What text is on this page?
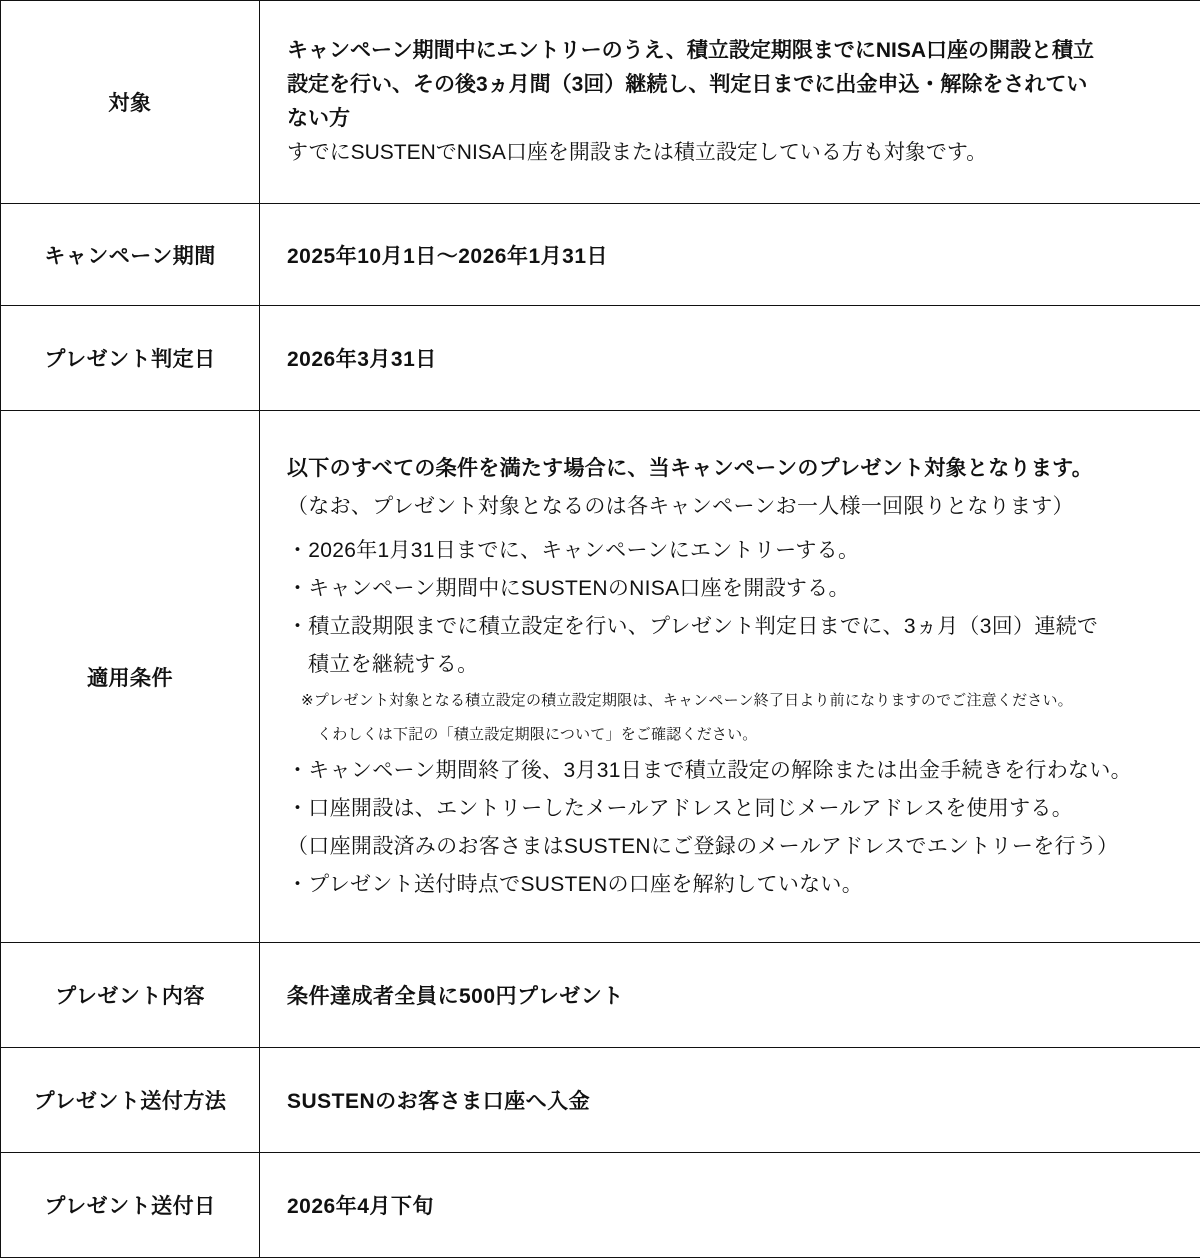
対象	キャンペーン期間中にエントリーのうえ、積立設定期限までにNISA口座の開設と積立
設定を行い、その後3ヵ月間（3回）継続し、判定日までに出金申込・解除をされてい
ない方
すでにSUSTENでNISA口座を開設または積立設定している方も対象です。

キャンペーン期間	2025年10月1日〜2026年1月31日
プレゼント判定日	2026年3月31日
適用条件	
以下のすべての条件を満たす場合に、当キャンペーンのプレゼント対象となります。
（なお、プレゼント対象となるのは各キャンペーンお一人様一回限りとなります）
・2026年1月31日までに、キャンペーンにエントリーする。
・キャンペーン期間中にSUSTENのNISA口座を開設する。
・積立設期限までに積立設定を行い、プレゼント判定日までに、3ヵ月（3回）連続で
積立を継続する。
※プレゼント対象となる積立設定の積立設定期限は、キャンペーン終了日より前になりますのでご注意ください。
くわしくは下記の「積立設定期限について」をご確認ください。
・キャンペーン期間終了後、3月31日まで積立設定の解除または出金手続きを行わない。
・口座開設は、エントリーしたメールアドレスと同じメールアドレスを使用する。
（口座開設済みのお客さまはSUSTENにご登録のメールアドレスでエントリーを行う）
・プレゼント送付時点でSUSTENの口座を解約していない。

プレゼント内容	条件達成者全員に500円プレゼント
プレゼント送付方法	SUSTENのお客さま口座へ入金
プレゼント送付日	2026年4月下旬
